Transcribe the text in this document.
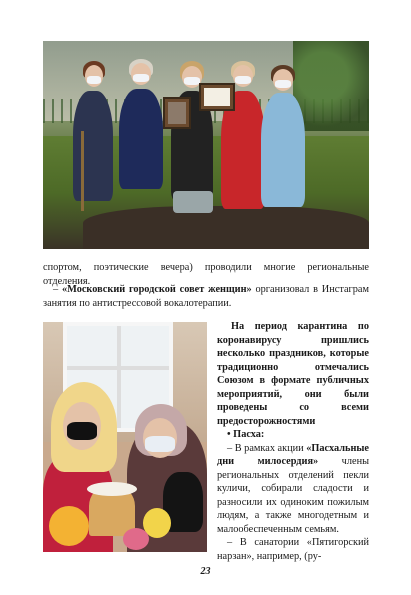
спортом, поэтические вечера) проводили многие региональные отделения.
– «Московский городской совет женщин» организовал в Инстаграм занятия по антистрессовой вокалотерапии.
На период карантина по коронавирусу пришлись несколько праздников, которые традиционно отмечались Союзом в формате публичных мероприятий, они были проведены со всеми предосторожностями
• Пасха:
– В рамках акции «Пасхальные дни милосердия» члены региональных отделений пекли куличи, собирали сладости и разносили их одиноким пожилым людям, а также многодетным и малообеспеченным семьям.
– В санатории «Пятигорский нарзан», например, (ру-
23
